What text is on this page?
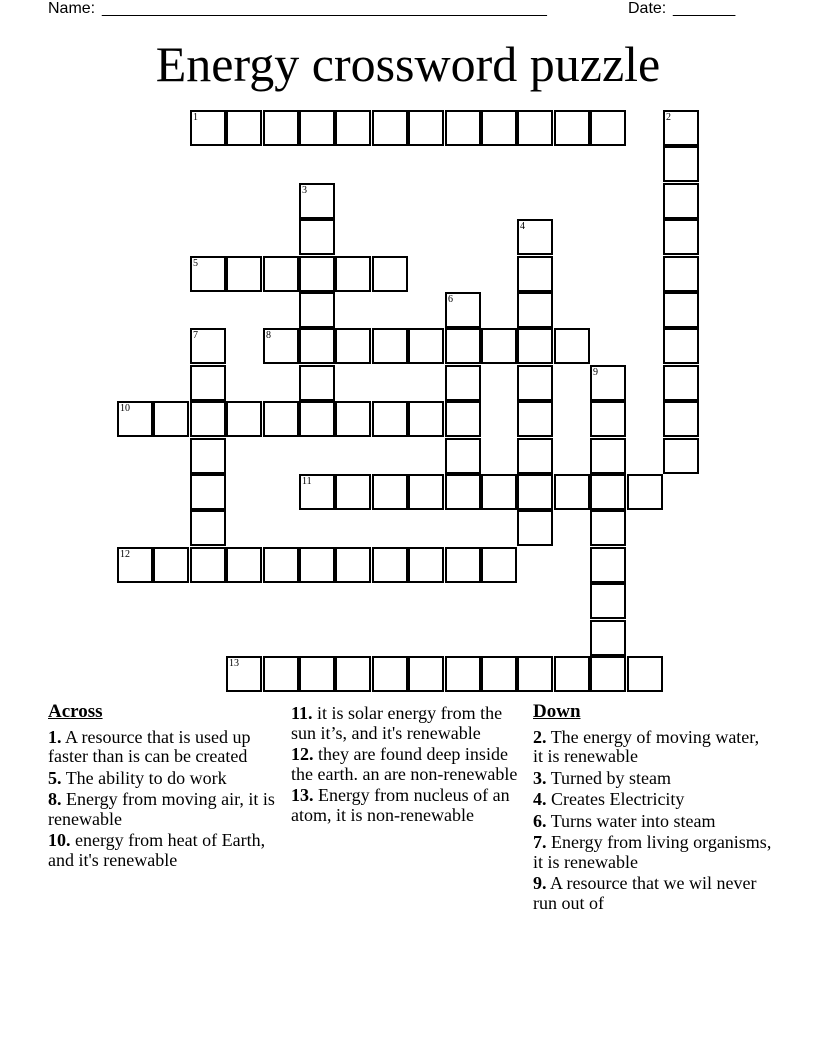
Name: __________________________________________________	Date: _______
Energy crossword puzzle
1	2
3
4
5
6
7	8
9
10
11
12
13
Across
1. A resource that is used up faster than is can be created
5. The ability to do work
8. Energy from moving air, it is renewable
10. energy from heat of Earth, and it's renewable
11. it is solar energy from the sun it’s, and it's renewable
12. they are found deep inside the earth. an are non-renewable
13. Energy from nucleus of an atom, it is non-renewable
Down
2. The energy of moving water, it is renewable
3. Turned by steam
4. Creates Electricity
6. Turns water into steam
7. Energy from living organisms, it is renewable
9. A resource that we wil never run out of
